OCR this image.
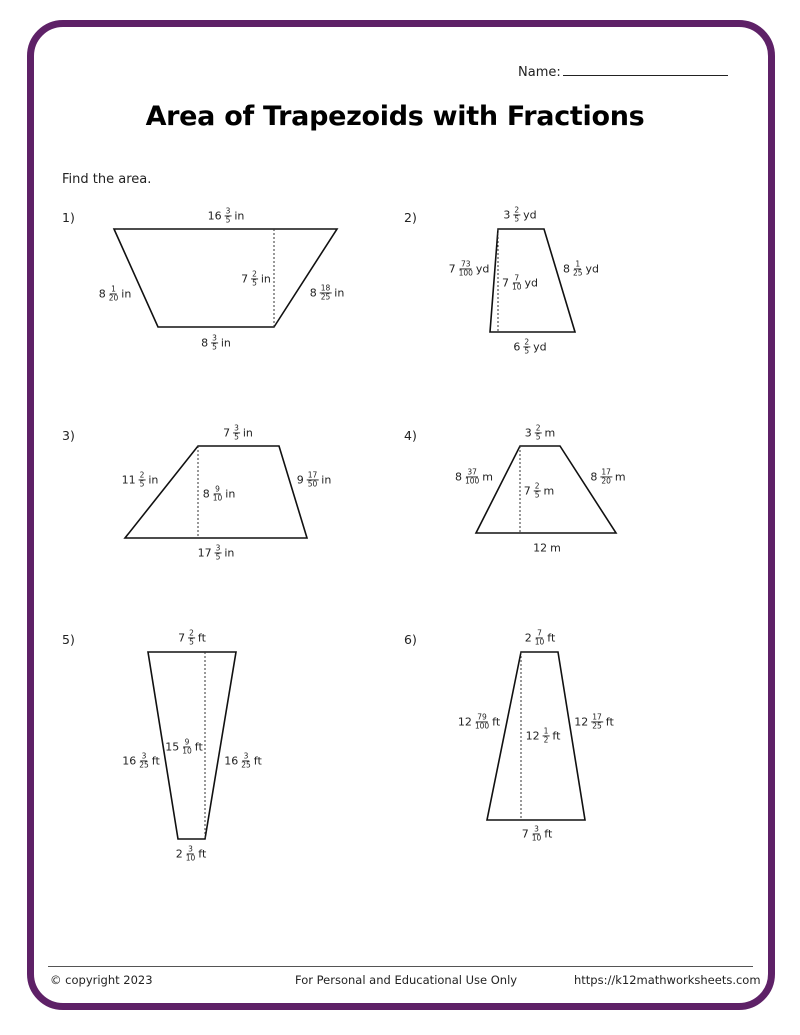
Name:
Area of Trapezoids with Fractions
Find the area.
1)	2)
3)	4)
5)	6)
$16 \frac{3}{5}$ in
$8 \frac{3}{5}$ in
$8 \frac{1}{20}$ in	$8 \frac{18}{25}$ in
$7 \frac{2}{5}$ in
$3 \frac{2}{5}$ yd
$6 \frac{2}{5}$ yd
$7 \frac{73}{100}$ yd	$8 \frac{1}{25}$ yd
$7 \frac{7}{10}$ yd
$7 \frac{3}{5}$ in
$17 \frac{3}{5}$ in
$11 \frac{2}{5}$ in	$9 \frac{17}{50}$ in
$8 \frac{9}{10}$ in
$3 \frac{2}{5}$ m
12 m
$8 \frac{37}{100}$ m	$8 \frac{17}{20}$ m
$7 \frac{2}{5}$ m
$7 \frac{2}{5}$ ft
$2 \frac{3}{10}$ ft
$16 \frac{3}{25}$ ft	$16 \frac{3}{25}$ ft
$15 \frac{9}{10}$ ft
$2 \frac{7}{10}$ ft
$7 \frac{3}{10}$ ft
$12 \frac{79}{100}$ ft	$12 \frac{17}{25}$ ft
$12 \frac{1}{2}$ ft
© copyright 2023	For Personal and Educational Use Only	https://k12mathworksheets.com
